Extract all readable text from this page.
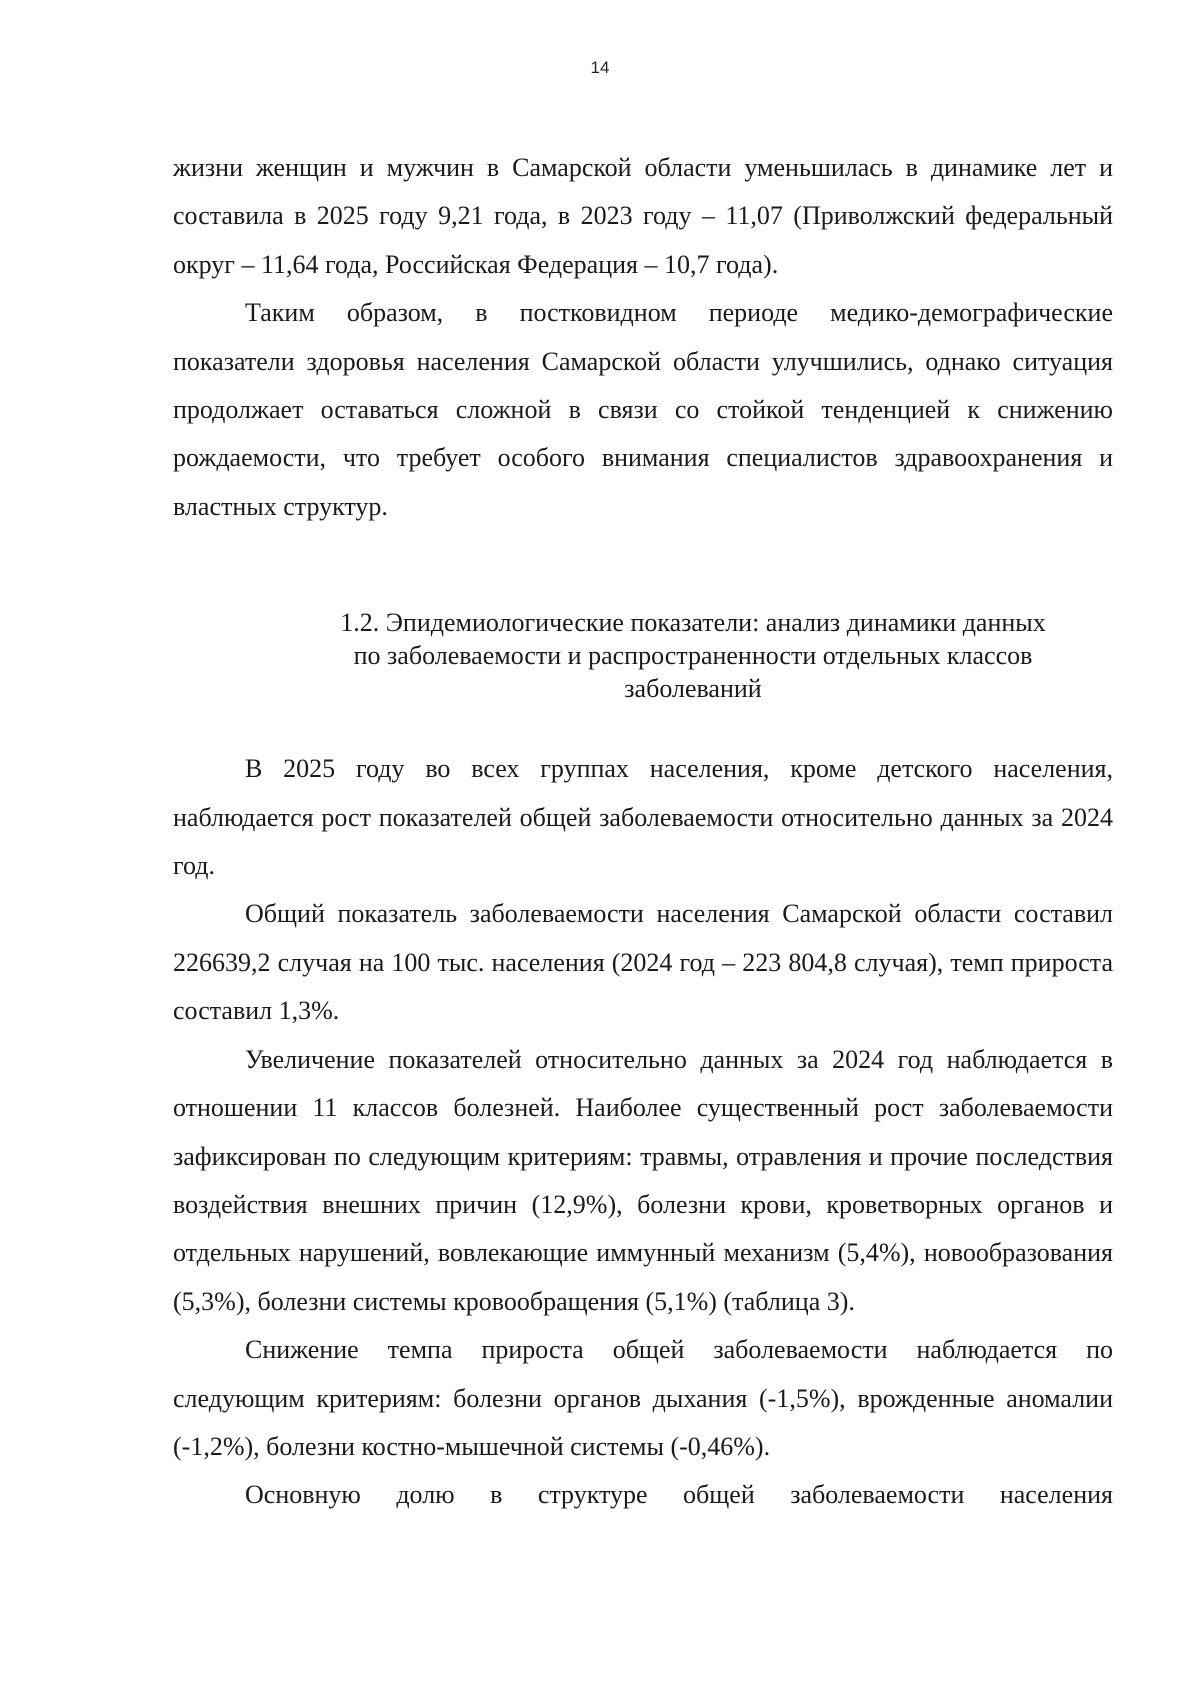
14

жизни женщин и мужчин в Самарской области уменьшилась в динамике лет и составила в 2025 году 9,21 года, в 2023 году – 11,07 (Приволжский федеральный округ – 11,64 года, Российская Федерация – 10,7 года).

Таким образом, в постковидном периоде медико-демографические показатели здоровья населения Самарской области улучшились, однако ситуация продолжает оставаться сложной в связи со стойкой тенденцией к снижению рождаемости, что требует особого внимания специалистов здравоохранения и властных структур.

1.2. Эпидемиологические показатели: анализ динамики данных
по заболеваемости и распространенности отдельных классов
заболеваний

В 2025 году во всех группах населения, кроме детского населения, наблюдается рост показателей общей заболеваемости относительно данных за 2024 год.

Общий показатель заболеваемости населения Самарской области составил 226639,2 случая на 100 тыс. населения (2024 год – 223 804,8 случая), темп прироста составил 1,3%.

Увеличение показателей относительно данных за 2024 год наблюдается в отношении 11 классов болезней. Наиболее существенный рост заболеваемости зафиксирован по следующим критериям: травмы, отравления и прочие последствия воздействия внешних причин (12,9%), болезни крови, кроветворных органов и отдельных нарушений, вовлекающие иммунный механизм (5,4%), новообразования (5,3%), болезни системы кровообращения (5,1%) (таблица 3).

Снижение темпа прироста общей заболеваемости наблюдается по следующим критериям: болезни органов дыхания (-1,5%), врожденные аномалии (-1,2%), болезни костно-мышечной системы (-0,46%).

Основную долю в структуре общей заболеваемости населения
